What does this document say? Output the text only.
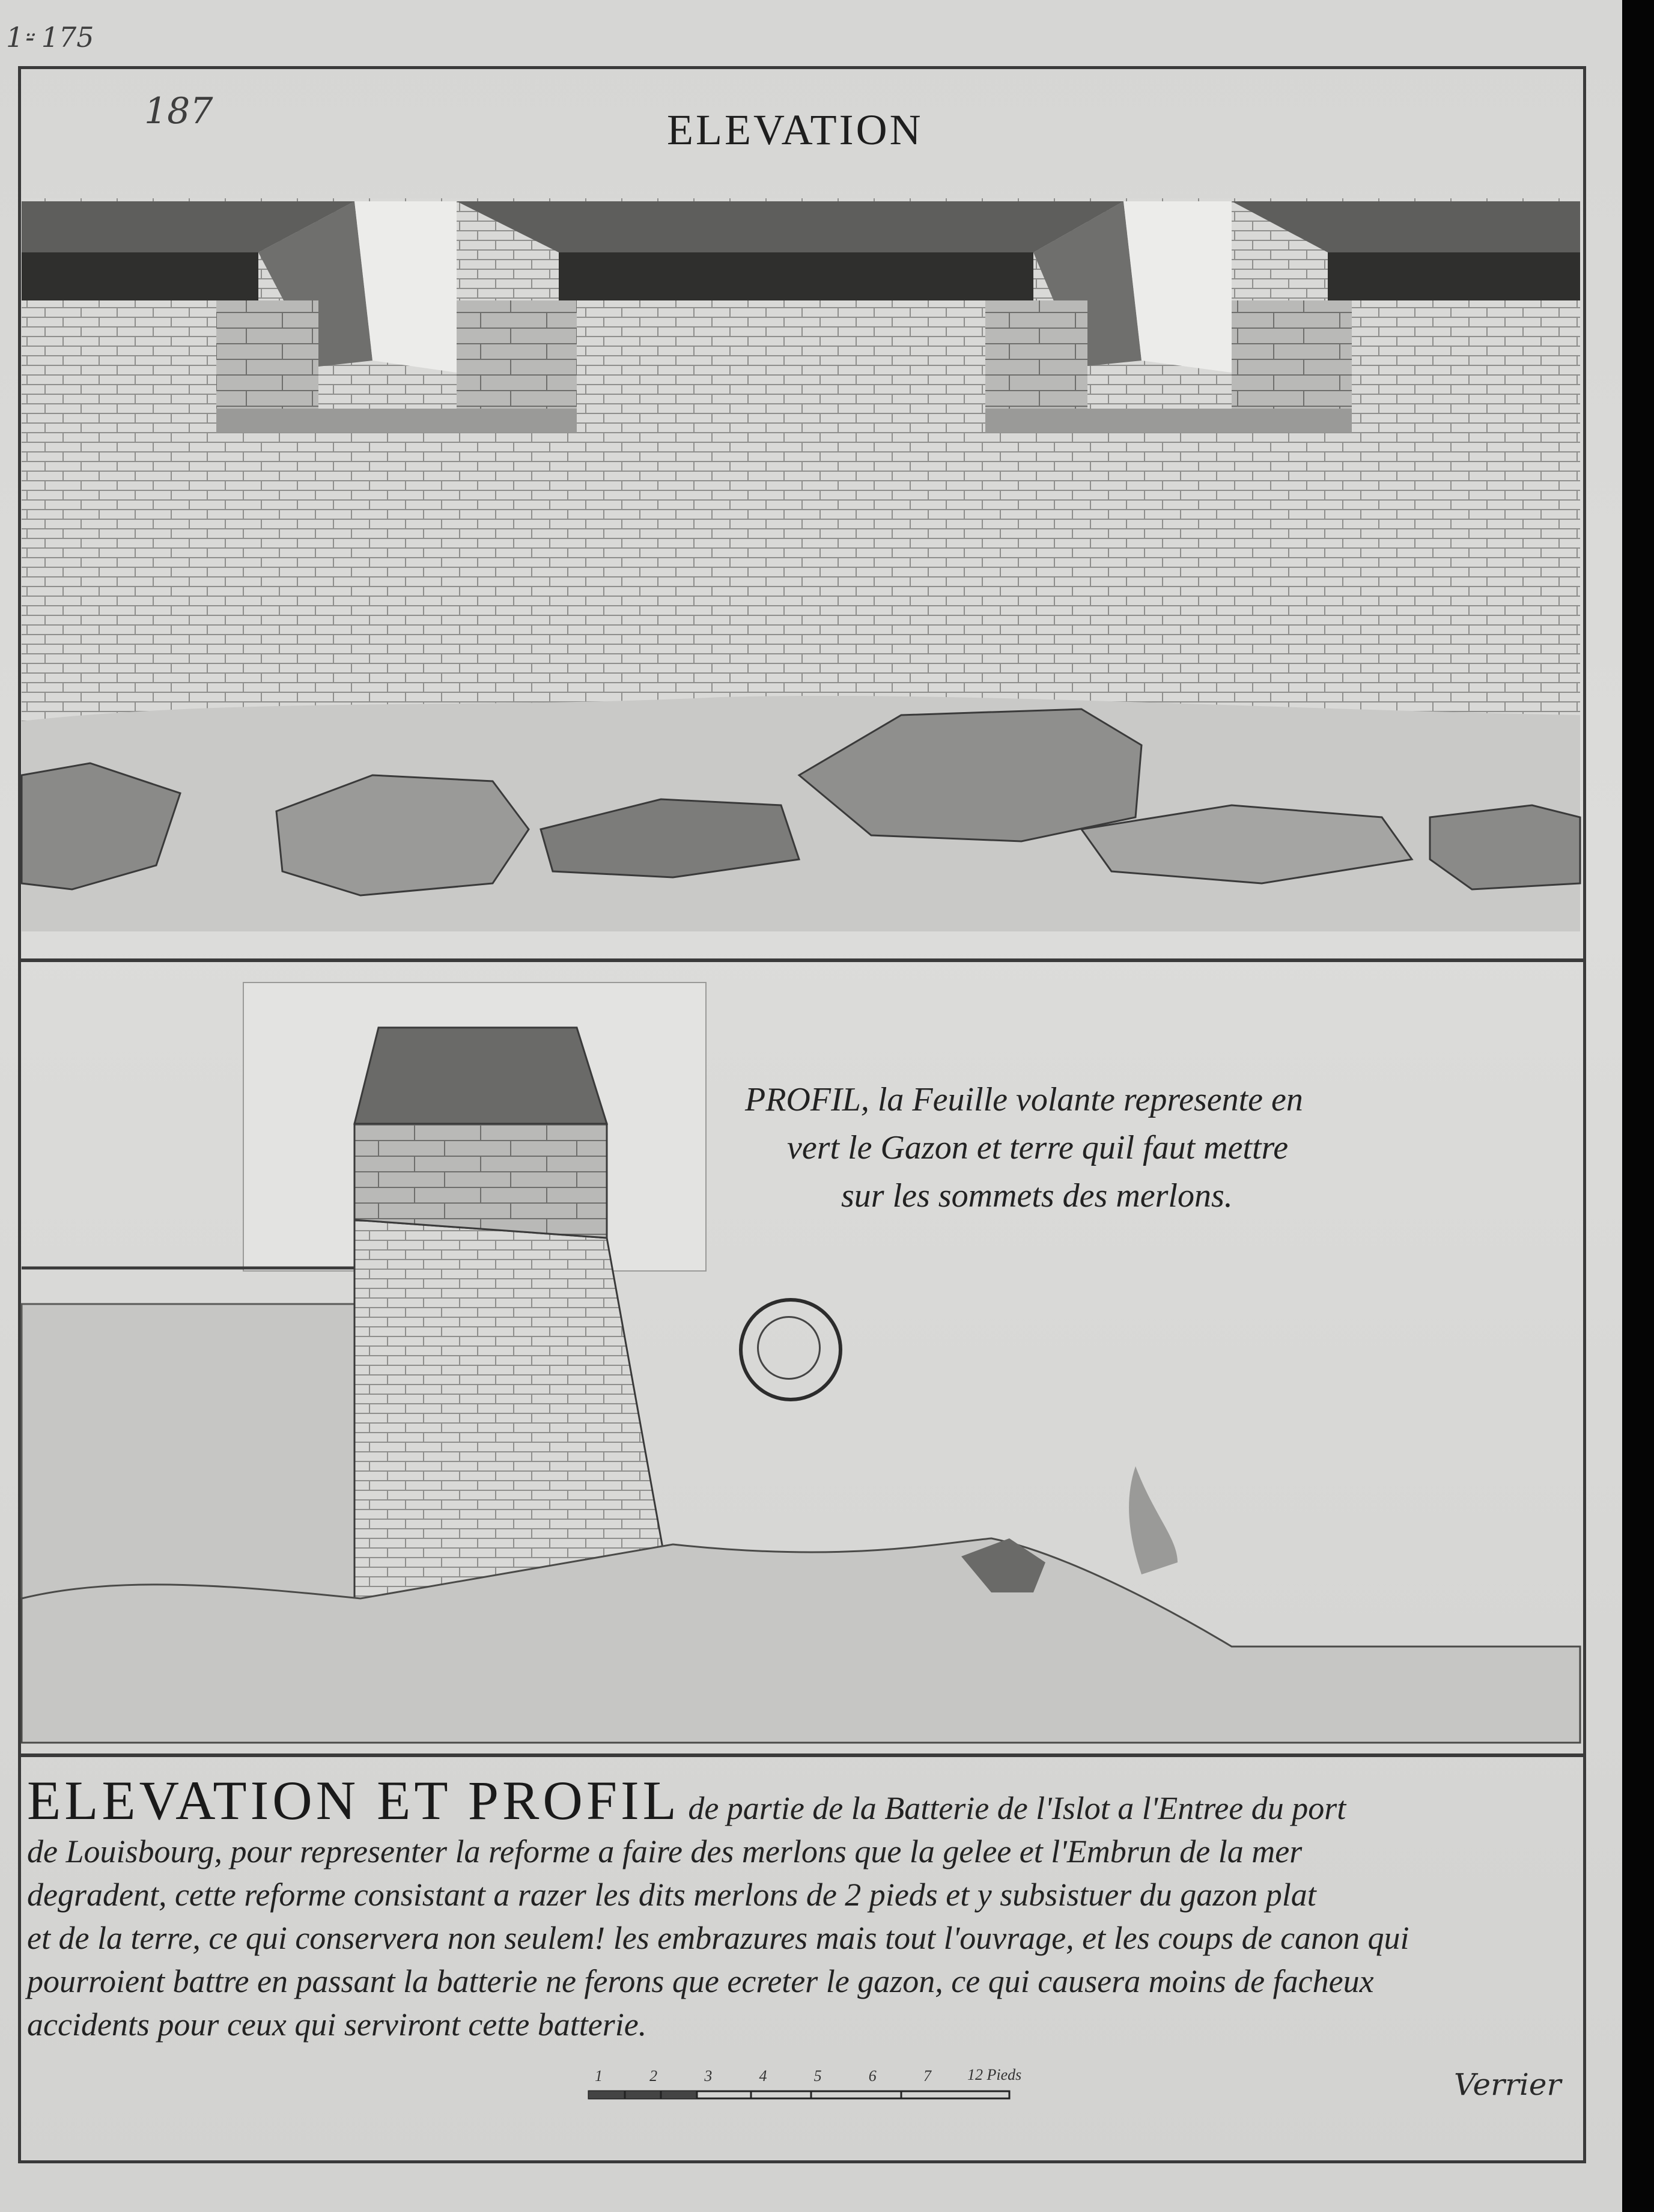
1⸚ 175
187	ELEVATION
PROFIL, la Feuille volante represente en
vert le Gazon et terre quil faut mettre
sur les sommets des merlons.
ELEVATION ET PROFIL de partie de la Batterie de l'Islot a l'Entree du port
de Louisbourg, pour representer la reforme a faire des merlons que la gelee et l'Embrun de la mer
degradent, cette reforme consistant a razer les dits merlons de 2 pieds et y subsistuer du gazon plat
et de la terre, ce qui conservera non seulem! les embrazures mais tout l'ouvrage, et les coups de canon qui
pourroient battre en passant la batterie ne ferons que ecreter le gazon, ce qui causera moins de facheux
accidents pour ceux qui serviront cette batterie.
1	2	3	4	5	6	7 12 Pieds	Verrier
